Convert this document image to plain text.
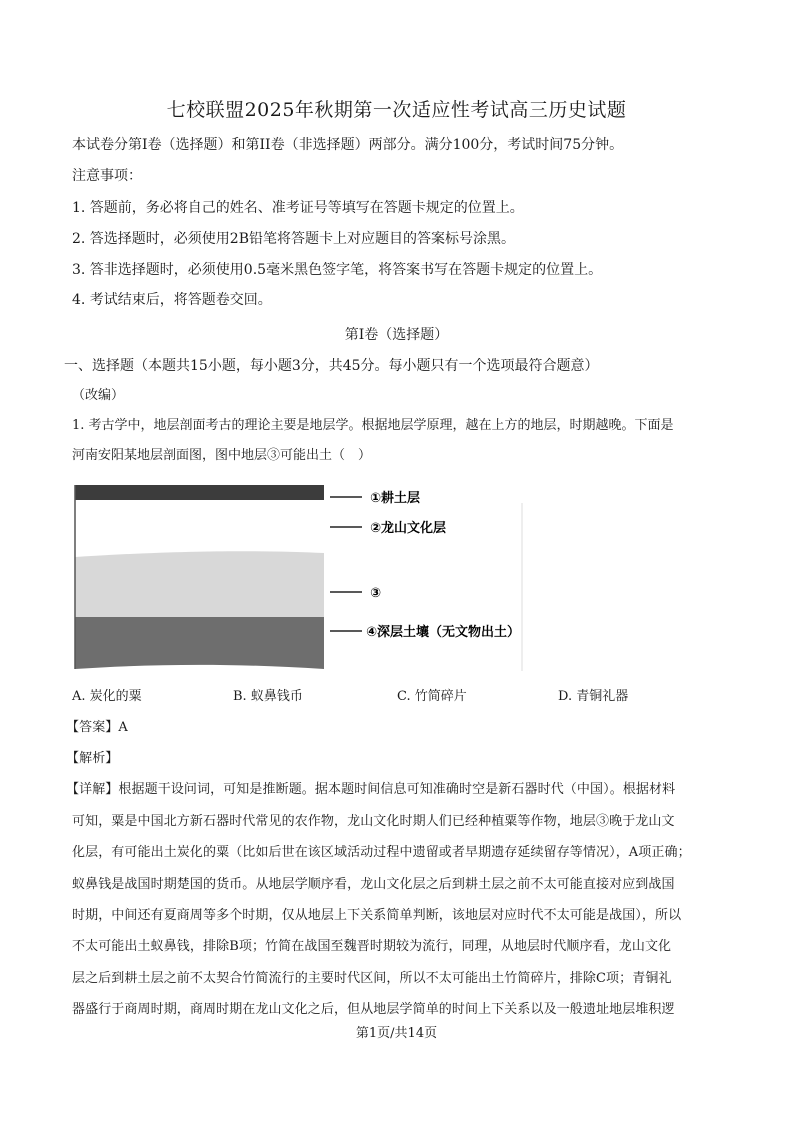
七校联盟2025年秋期第一次适应性考试高三历史试题
本试卷分第I卷（选择题）和第II卷（非选择题）两部分。满分100分，考试时间75分钟。
注意事项：
1. 答题前，务必将自己的姓名、准考证号等填写在答题卡规定的位置上。
2. 答选择题时，必须使用2B铅笔将答题卡上对应题目的答案标号涂黑。
3. 答非选择题时，必须使用0.5毫米黑色签字笔，将答案书写在答题卡规定的位置上。
4. 考试结束后，将答题卷交回。
第I卷（选择题）
一、选择题（本题共15小题，每小题3分，共45分。每小题只有一个选项最符合题意）
（改编）
1. 考古学中，地层剖面考古的理论主要是地层学。根据地层学原理，越在上方的地层，时期越晚。下面是
河南安阳某地层剖面图，图中地层③可能出土（　）
①耕土层
②龙山文化层
③
④深层土壤（无文物出土）
A. 炭化的粟	B. 蚁鼻钱币	C. 竹简碎片	D. 青铜礼器
【答案】A
【解析】
【详解】根据题干设问词，可知是推断题。据本题时间信息可知准确时空是新石器时代（中国）。根据材料
可知，粟是中国北方新石器时代常见的农作物，龙山文化时期人们已经种植粟等作物，地层③晚于龙山文
化层，有可能出土炭化的粟（比如后世在该区域活动过程中遗留或者早期遗存延续留存等情况），A项正确；
蚁鼻钱是战国时期楚国的货币。从地层学顺序看，龙山文化层之后到耕土层之前不太可能直接对应到战国
时期，中间还有夏商周等多个时期，仅从地层上下关系简单判断，该地层对应时代不太可能是战国），所以
不太可能出土蚁鼻钱，排除B项；竹简在战国至魏晋时期较为流行，同理，从地层时代顺序看，龙山文化
层之后到耕土层之前不太契合竹简流行的主要时代区间，所以不太可能出土竹简碎片，排除C项；青铜礼
器盛行于商周时期，商周时期在龙山文化之后，但从地层学简单的时间上下关系以及一般遗址地层堆积逻
第1页/共14页
